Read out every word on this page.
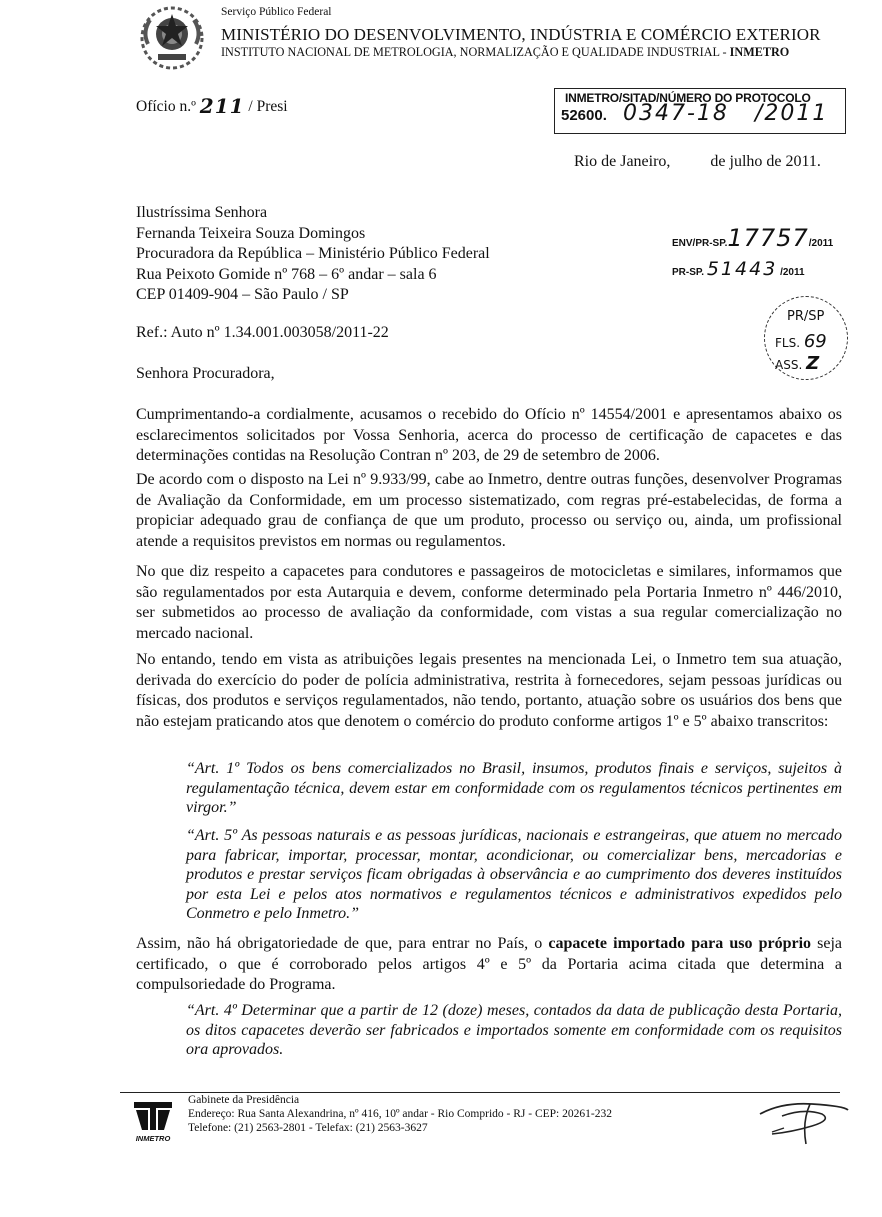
Serviço Público Federal
MINISTÉRIO DO DESENVOLVIMENTO, INDÚSTRIA E COMÉRCIO EXTERIOR
INSTITUTO NACIONAL DE METROLOGIA, NORMALIZAÇÃO E QUALIDADE INDUSTRIAL - INMETRO
Ofício n.º 211 / Presi	INMETRO/SITAD/NÚMERO DO PROTOCOLO
52600. 0347-18 /2011
Rio de Janeiro,	de julho de 2011.
Ilustríssima Senhora
Fernanda Teixeira Souza Domingos
Procuradora da República – Ministério Público Federal
Rua Peixoto Gomide nº 768 – 6º andar – sala 6
CEP 01409-904 – São Paulo / SP
ENV/PR-SP.17757/2011
PR-SP. 51443 /2011
PR/SP
FLS. 69
ASS. Z
Ref.: Auto nº 1.34.001.003058/2011-22
Senhora Procuradora,
Cumprimentando-a cordialmente, acusamos o recebido do Ofício nº 14554/2001 e apresentamos abaixo os esclarecimentos solicitados por Vossa Senhoria, acerca do processo de certificação de capacetes e das determinações contidas na Resolução Contran nº 203, de 29 de setembro de 2006.
De acordo com o disposto na Lei nº 9.933/99, cabe ao Inmetro, dentre outras funções, desenvolver Programas de Avaliação da Conformidade, em um processo sistematizado, com regras pré-estabelecidas, de forma a propiciar adequado grau de confiança de que um produto, processo ou serviço ou, ainda, um profissional atende a requisitos previstos em normas ou regulamentos.
No que diz respeito a capacetes para condutores e passageiros de motocicletas e similares, informamos que são regulamentados por esta Autarquia e devem, conforme determinado pela Portaria Inmetro nº 446/2010, ser submetidos ao processo de avaliação da conformidade, com vistas a sua regular comercialização no mercado nacional.
No entando, tendo em vista as atribuições legais presentes na mencionada Lei, o Inmetro tem sua atuação, derivada do exercício do poder de polícia administrativa, restrita à fornecedores, sejam pessoas jurídicas ou físicas, dos produtos e serviços regulamentados, não tendo, portanto, atuação sobre os usuários dos bens que não estejam praticando atos que denotem o comércio do produto conforme artigos 1º e 5º abaixo transcritos:
“Art. 1º Todos os bens comercializados no Brasil, insumos, produtos finais e serviços, sujeitos à regulamentação técnica, devem estar em conformidade com os regulamentos técnicos pertinentes em virgor.”
“Art. 5º As pessoas naturais e as pessoas jurídicas, nacionais e estrangeiras, que atuem no mercado para fabricar, importar, processar, montar, acondicionar, ou comercializar bens, mercadorias e produtos e prestar serviços ficam obrigadas à observância e ao cumprimento dos deveres instituídos por esta Lei e pelos atos normativos e regulamentos técnicos e administrativos expedidos pelo Conmetro e pelo Inmetro.”
Assim, não há obrigatoriedade de que, para entrar no País, o capacete importado para uso próprio seja certificado, o que é corroborado pelos artigos 4º e 5º da Portaria acima citada que determina a compulsoriedade do Programa.
“Art. 4º Determinar que a partir de 12 (doze) meses, contados da data de publicação desta Portaria, os ditos capacetes deverão ser fabricados e importados somente em conformidade com os requisitos ora aprovados.
INMETRO
Gabinete da Presidência
Endereço: Rua Santa Alexandrina, nº 416, 10º andar - Rio Comprido - RJ - CEP: 20261-232
Telefone: (21) 2563-2801 - Telefax: (21) 2563-3627
